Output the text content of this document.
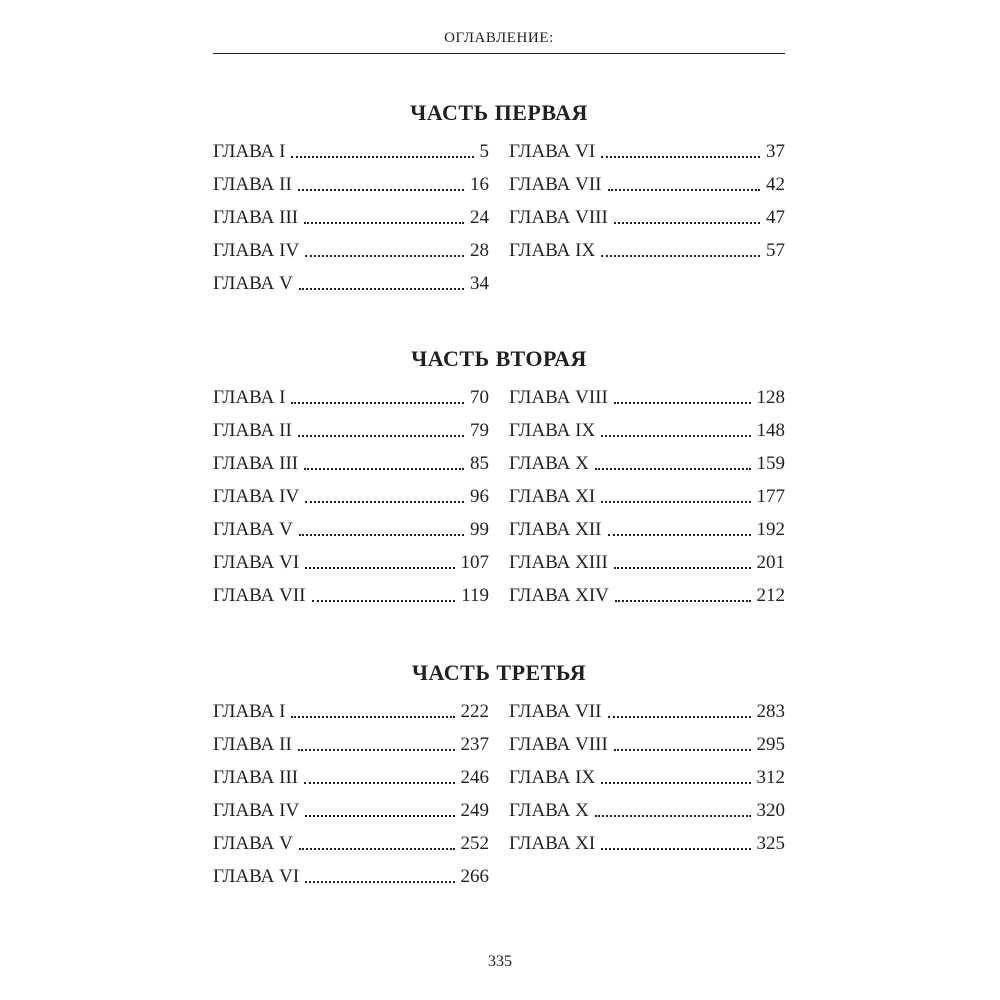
ОГЛАВЛЕНИЕ:
ЧАСТЬ ПЕРВАЯ
ГЛАВА I	5
ГЛАВА II	16
ГЛАВА III	24
ГЛАВА IV	28
ГЛАВА V	34
ГЛАВА VI	37
ГЛАВА VII	42
ГЛАВА VIII	47
ГЛАВА IX	57
ЧАСТЬ ВТОРАЯ
ГЛАВА I	70
ГЛАВА II	79
ГЛАВА III	85
ГЛАВА IV	96
ГЛАВА V	99
ГЛАВА VI	107
ГЛАВА VII	119
ГЛАВА VIII	128
ГЛАВА IX	148
ГЛАВА X	159
ГЛАВА XI	177
ГЛАВА XII	192
ГЛАВА XIII	201
ГЛАВА XIV	212
ЧАСТЬ ТРЕТЬЯ
ГЛАВА I	222
ГЛАВА II	237
ГЛАВА III	246
ГЛАВА IV	249
ГЛАВА V	252
ГЛАВА VI	266
ГЛАВА VII	283
ГЛАВА VIII	295
ГЛАВА IX	312
ГЛАВА X	320
ГЛАВА XI	325
335
